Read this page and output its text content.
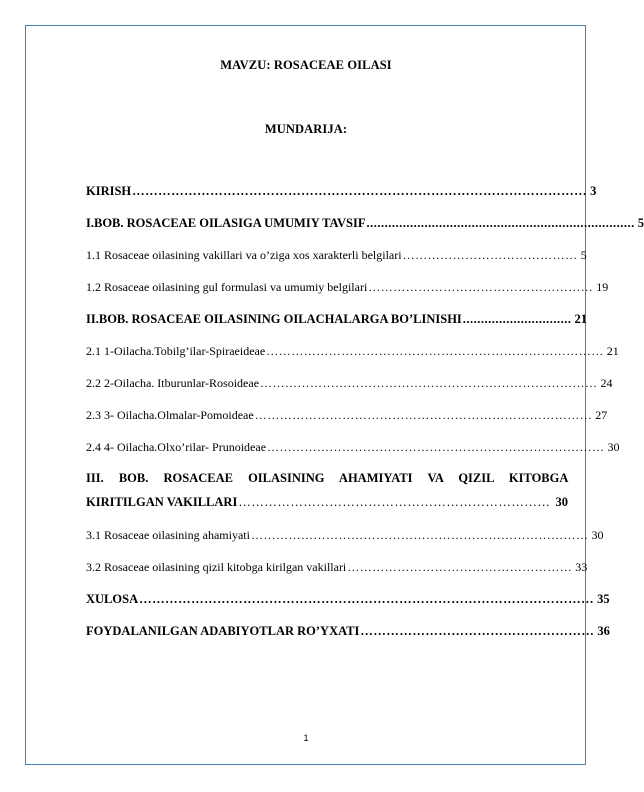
MAVZU: ROSACEAE OILASI
MUNDARIJA:
KIRISH …………………………………………………………………………………………… 3
I.BOB. ROSACEAE OILASIGA UMUMIY TAVSIF .......................................................................... 5
1.1 Rosaceae oilasining vakillari va o’ziga xos xarakterli belgilari …………………………………… 5
1.2 Rosaceae oilasining gul formulasi va umumiy belgilari ……………………………………………… 19
II.BOB. ROSACEAE OILASINING OILACHALARGA BO’LINISHI .............................. 21
2.1 1-Oilacha.Tobilg’ilar-Spiraeideae ……………………………………………………………………… 21
2.2 2-Oilacha. Itburunlar-Rosoideae ……………………………………………………………………… 24
2.3 3- Oilacha.Olmalar-Pomoideae ……………………………………………………………………… 27
2.4 4- Oilacha.Olxo’rilar- Prunoideae ……………………………………………………………………… 30
III. BOB. ROSACEAE OILASINING AHAMIYATI VA QIZIL KITOBGA
KIRITILGAN VAKILLARI ……………………………………………………………… 30
3.1 Rosaceae oilasining ahamiyati ……………………………………………………………………… 30
3.2 Rosaceae oilasining qizil kitobga kirilgan vakillari ……………………………………………… 33
XULOSA …………………………………………………………………………………………… 35
FOYDALANILGAN ADABIYOTLAR RO’YXATI ……………………………………………… 36
1
